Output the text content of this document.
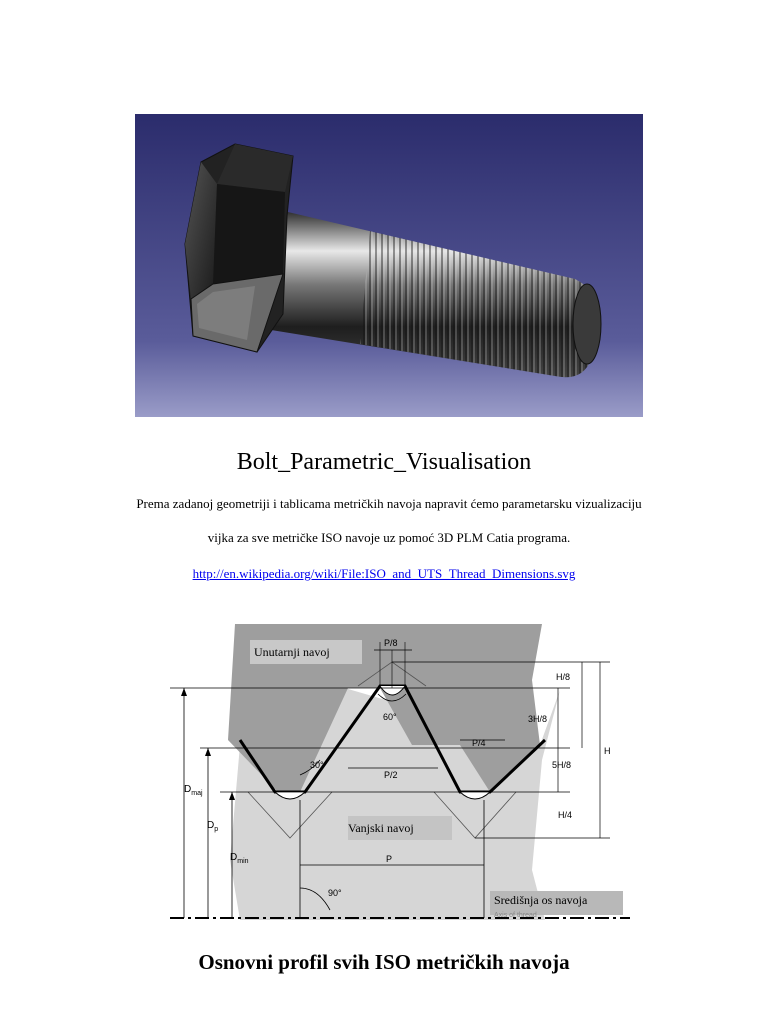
Bolt_Parametric_Visualisation
Prema zadanoj geometriji i tablicama metričkih navoja napravit ćemo parametarsku vizualizaciju
vijka za sve metričke ISO navoje uz pomoć 3D PLM Catia programa.
http://en.wikipedia.org/wiki/File:ISO_and_UTS_Thread_Dimensions.svg
Unutarnji navoj
Vanjski navoj
Središnja os navoja
Axis of thread
$D_{maj}$
$D_p$
$D_{min}$
60°
30°
90°
P/8
P/4
P/2
P
H/8
3H/8
5H/8
H/4
H
Osnovni profil svih ISO metričkih navoja
